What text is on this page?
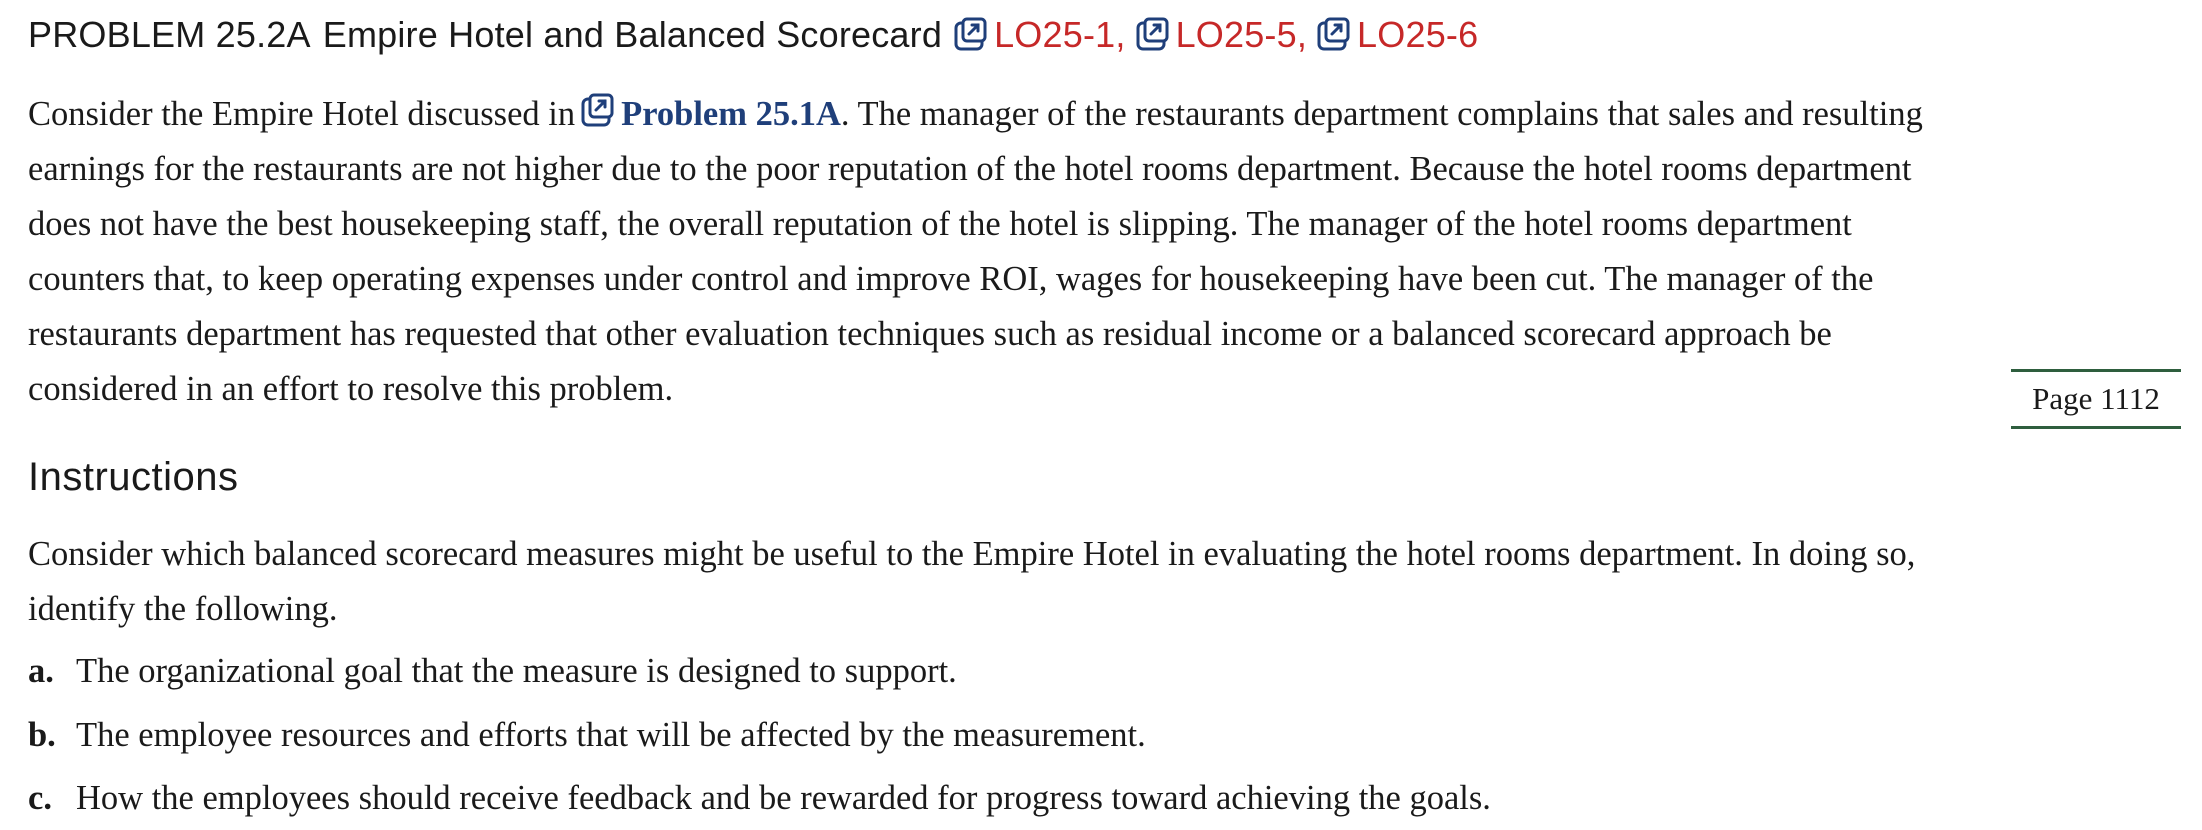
PROBLEM 25.2A Empire Hotel and Balanced Scorecard LO25-1 , LO25-5 , LO25-6

Consider the Empire Hotel discussed in Problem 25.1A. The manager of the restaurants department complains that sales and resulting
earnings for the restaurants are not higher due to the poor reputation of the hotel rooms department. Because the hotel rooms department
does not have the best housekeeping staff, the overall reputation of the hotel is slipping. The manager of the hotel rooms department
counters that, to keep operating expenses under control and improve ROI, wages for housekeeping have been cut. The manager of the
restaurants department has requested that other evaluation techniques such as residual income or a balanced scorecard approach be
considered in an effort to resolve this problem.	Page 1112
Instructions

Consider which balanced scorecard measures might be useful to the Empire Hotel in evaluating the hotel rooms department. In doing so,
identify the following.

a. The organizational goal that the measure is designed to support.
b. The employee resources and efforts that will be affected by the measurement.
c. How the employees should receive feedback and be rewarded for progress toward achieving the goals.
